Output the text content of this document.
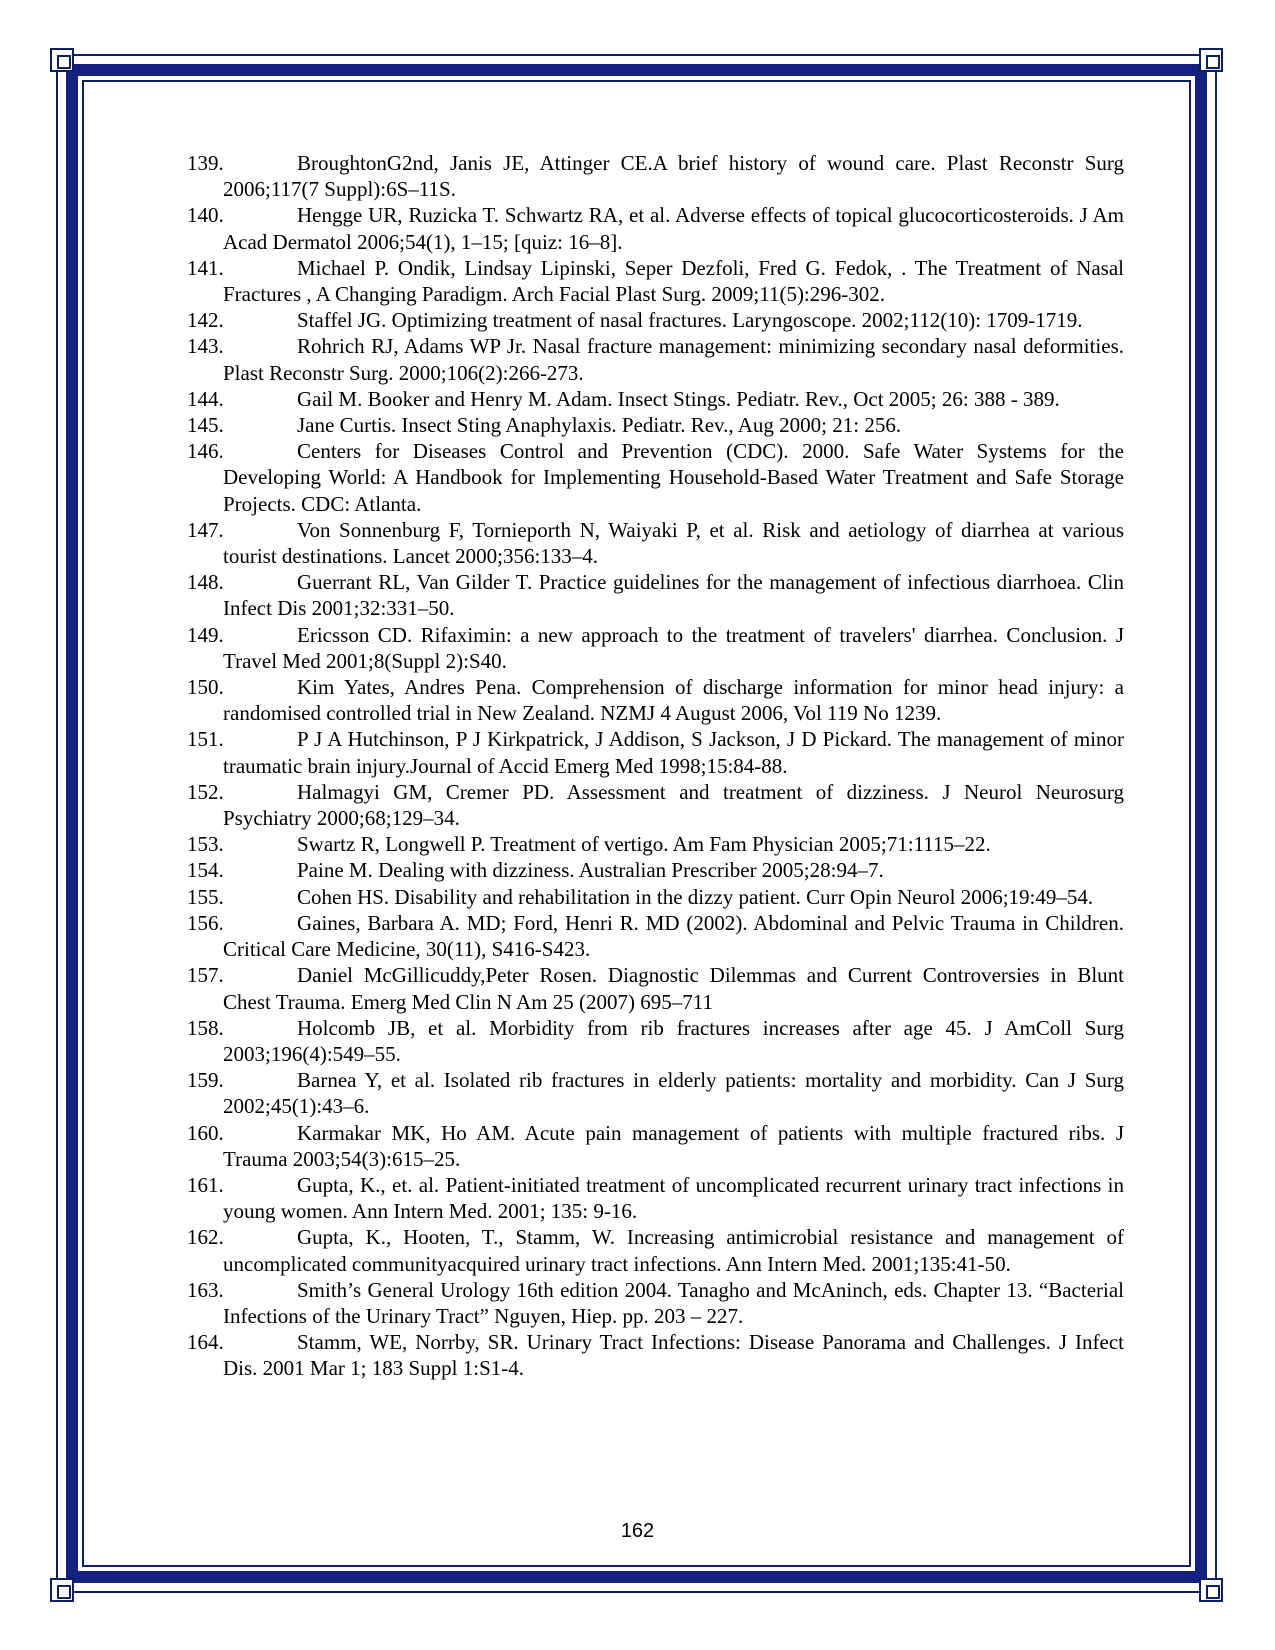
139.	BroughtonG2nd, Janis JE, Attinger CE.A brief history of wound care. Plast Reconstr Surg 2006;117(7 Suppl):6S–11S.
140.	Hengge UR, Ruzicka T. Schwartz RA, et al. Adverse effects of topical glucocorticosteroids. J Am Acad Dermatol 2006;54(1), 1–15; [quiz: 16–8].
141.	Michael P. Ondik, Lindsay Lipinski, Seper Dezfoli, Fred G. Fedok, . The Treatment of Nasal Fractures , A Changing Paradigm. Arch Facial Plast Surg. 2009;11(5):296-302.
142.	Staffel JG. Optimizing treatment of nasal fractures. Laryngoscope. 2002;112(10): 1709-1719.
143.	Rohrich RJ, Adams WP Jr. Nasal fracture management: minimizing secondary nasal deformities. Plast Reconstr Surg. 2000;106(2):266-273.
144.	Gail M. Booker and Henry M. Adam. Insect Stings. Pediatr. Rev., Oct 2005; 26: 388 - 389.
145.	Jane Curtis. Insect Sting Anaphylaxis. Pediatr. Rev., Aug 2000; 21: 256.
146.	Centers for Diseases Control and Prevention (CDC). 2000. Safe Water Systems for the Developing World: A Handbook for Implementing Household-Based Water Treatment and Safe Storage Projects. CDC: Atlanta.
147.	Von Sonnenburg F, Tornieporth N, Waiyaki P, et al. Risk and aetiology of diarrhea at various tourist destinations. Lancet 2000;356:133–4.
148.	Guerrant RL, Van Gilder T. Practice guidelines for the management of infectious diarrhoea. Clin Infect Dis 2001;32:331–50.
149.	Ericsson CD. Rifaximin: a new approach to the treatment of travelers' diarrhea. Conclusion. J Travel Med 2001;8(Suppl 2):S40.
150.	Kim Yates, Andres Pena. Comprehension of discharge information for minor head injury: a randomised controlled trial in New Zealand. NZMJ 4 August 2006, Vol 119 No 1239.
151.	P J A Hutchinson, P J Kirkpatrick, J Addison, S Jackson, J D Pickard. The management of minor traumatic brain injury.Journal of Accid Emerg Med 1998;15:84-88.
152.	Halmagyi GM, Cremer PD. Assessment and treatment of dizziness. J Neurol Neurosurg Psychiatry 2000;68;129–34.
153.	Swartz R, Longwell P. Treatment of vertigo. Am Fam Physician 2005;71:1115–22.
154.	Paine M. Dealing with dizziness. Australian Prescriber 2005;28:94–7.
155.	Cohen HS. Disability and rehabilitation in the dizzy patient. Curr Opin Neurol 2006;19:49–54.
156.	Gaines, Barbara A. MD; Ford, Henri R. MD (2002). Abdominal and Pelvic Trauma in Children. Critical Care Medicine, 30(11), S416-S423.
157.	Daniel McGillicuddy,Peter Rosen. Diagnostic Dilemmas and Current Controversies in Blunt Chest Trauma. Emerg Med Clin N Am 25 (2007) 695–711
158.	Holcomb JB, et al. Morbidity from rib fractures increases after age 45. J AmColl Surg 2003;196(4):549–55.
159.	Barnea Y, et al. Isolated rib fractures in elderly patients: mortality and morbidity. Can J Surg 2002;45(1):43–6.
160.	Karmakar MK, Ho AM. Acute pain management of patients with multiple fractured ribs. J Trauma 2003;54(3):615–25.
161.	Gupta, K., et. al. Patient-initiated treatment of uncomplicated recurrent urinary tract infections in young women. Ann Intern Med. 2001; 135: 9-16.
162.	Gupta, K., Hooten, T., Stamm, W. Increasing antimicrobial resistance and management of uncomplicated communityacquired urinary tract infections. Ann Intern Med. 2001;135:41-50.
163.	Smith’s General Urology 16th edition 2004. Tanagho and McAninch, eds. Chapter 13. “Bacterial Infections of the Urinary Tract” Nguyen, Hiep. pp. 203 – 227.
164.	Stamm, WE, Norrby, SR. Urinary Tract Infections: Disease Panorama and Challenges. J Infect Dis. 2001 Mar 1; 183 Suppl 1:S1-4.
162
